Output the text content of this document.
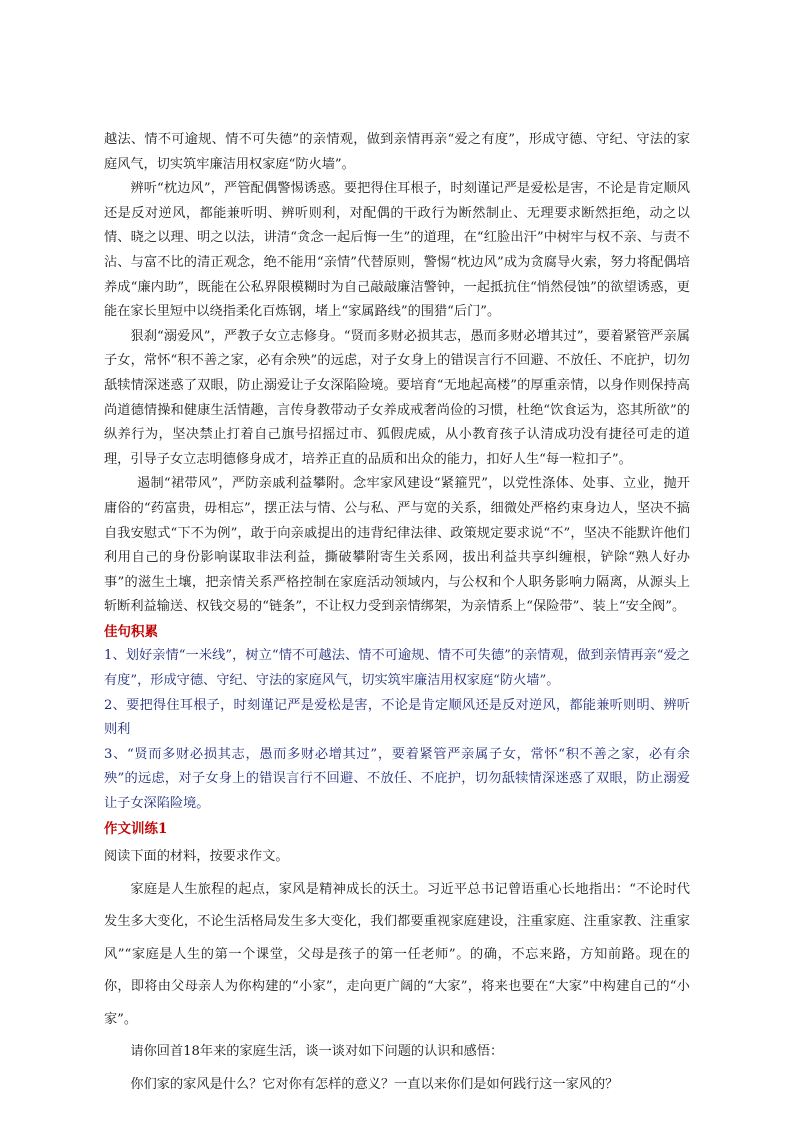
越法、情不可逾规、情不可失德”的亲情观，做到亲情再亲“爱之有度”，形成守德、守纪、守法的家庭风气，切实筑牢廉洁用权家庭“防火墙”。

辨听“枕边风”，严管配偶警惕诱惑。要把得住耳根子，时刻谨记严是爱松是害，不论是肯定顺风还是反对逆风，都能兼听明、辨听则利，对配偶的干政行为断然制止、无理要求断然拒绝，动之以情、晓之以理、明之以法，讲清“贪念一起后悔一生”的道理，在“红脸出汗”中树牢与权不亲、与责不沾、与富不比的清正观念，绝不能用“亲情”代替原则，警惕“枕边风”成为贪腐导火索，努力将配偶培养成“廉内助”，既能在公私界限模糊时为自己敲敲廉洁警钟，一起抵抗住“悄然侵蚀”的欲望诱惑，更能在家长里短中以绕指柔化百炼钢，堵上“家属路线”的围猎“后门”。

狠刹“溺爱风”，严教子女立志修身。“贤而多财必损其志，愚而多财必增其过”，要着紧管严亲属子女，常怀“积不善之家，必有余殃”的远虑，对子女身上的错误言行不回避、不放任、不庇护，切勿舐犊情深迷惑了双眼，防止溺爱让子女深陷险境。要培育“无地起高楼”的厚重亲情，以身作则保持高尚道德情操和健康生活情趣，言传身教带动子女养成戒奢尚俭的习惯，杜绝“饮食运为，恣其所欲”的纵养行为，坚决禁止打着自己旗号招摇过市、狐假虎威，从小教育孩子认清成功没有捷径可走的道理，引导子女立志明德修身成才，培养正直的品质和出众的能力，扣好人生“每一粒扣子”。

遏制“裙带风”，严防亲戚利益攀附。念牢家风建设“紧箍咒”，以党性涤体、处事、立业，抛开庸俗的“药富贵，毋相忘”，摆正法与情、公与私、严与宽的关系，细微处严格约束身边人，坚决不搞自我安慰式“下不为例”，敢于向亲戚提出的违背纪律法律、政策规定要求说“不”，坚决不能默许他们利用自己的身份影响谋取非法利益，撕破攀附寄生关系网，拔出利益共享纠缠根，铲除“熟人好办事”的滋生土壤，把亲情关系严格控制在家庭活动领域内，与公权和个人职务影响力隔离，从源头上斩断利益输送、权钱交易的“链条”，不让权力受到亲情绑架，为亲情系上“保险带”、装上“安全阀”。

佳句积累

1、划好亲情“一米线”，树立“情不可越法、情不可逾规、情不可失德”的亲情观，做到亲情再亲“爱之有度”，形成守德、守纪、守法的家庭风气，切实筑牢廉洁用权家庭“防火墙”。

2、要把得住耳根子，时刻谨记严是爱松是害，不论是肯定顺风还是反对逆风，都能兼听则明、辨听则利

3、“贤而多财必损其志，愚而多财必增其过”，要着紧管严亲属子女，常怀“积不善之家，必有余殃”的远虑，对子女身上的错误言行不回避、不放任、不庇护，切勿舐犊情深迷惑了双眼，防止溺爱让子女深陷险境。

作文训练1

阅读下面的材料，按要求作文。

家庭是人生旅程的起点，家风是精神成长的沃土。习近平总书记曾语重心长地指出：“不论时代发生多大变化，不论生活格局发生多大变化，我们都要重视家庭建设，注重家庭、注重家教、注重家风”“家庭是人生的第一个课堂，父母是孩子的第一任老师”。的确，不忘来路，方知前路。现在的你，即将由父母亲人为你构建的“小家”，走向更广阔的“大家”，将来也要在“大家”中构建自己的“小家”。

请你回首18年来的家庭生活，谈一谈对如下问题的认识和感悟：

你们家的家风是什么？它对你有怎样的意义？一直以来你们是如何践行这一家风的？
